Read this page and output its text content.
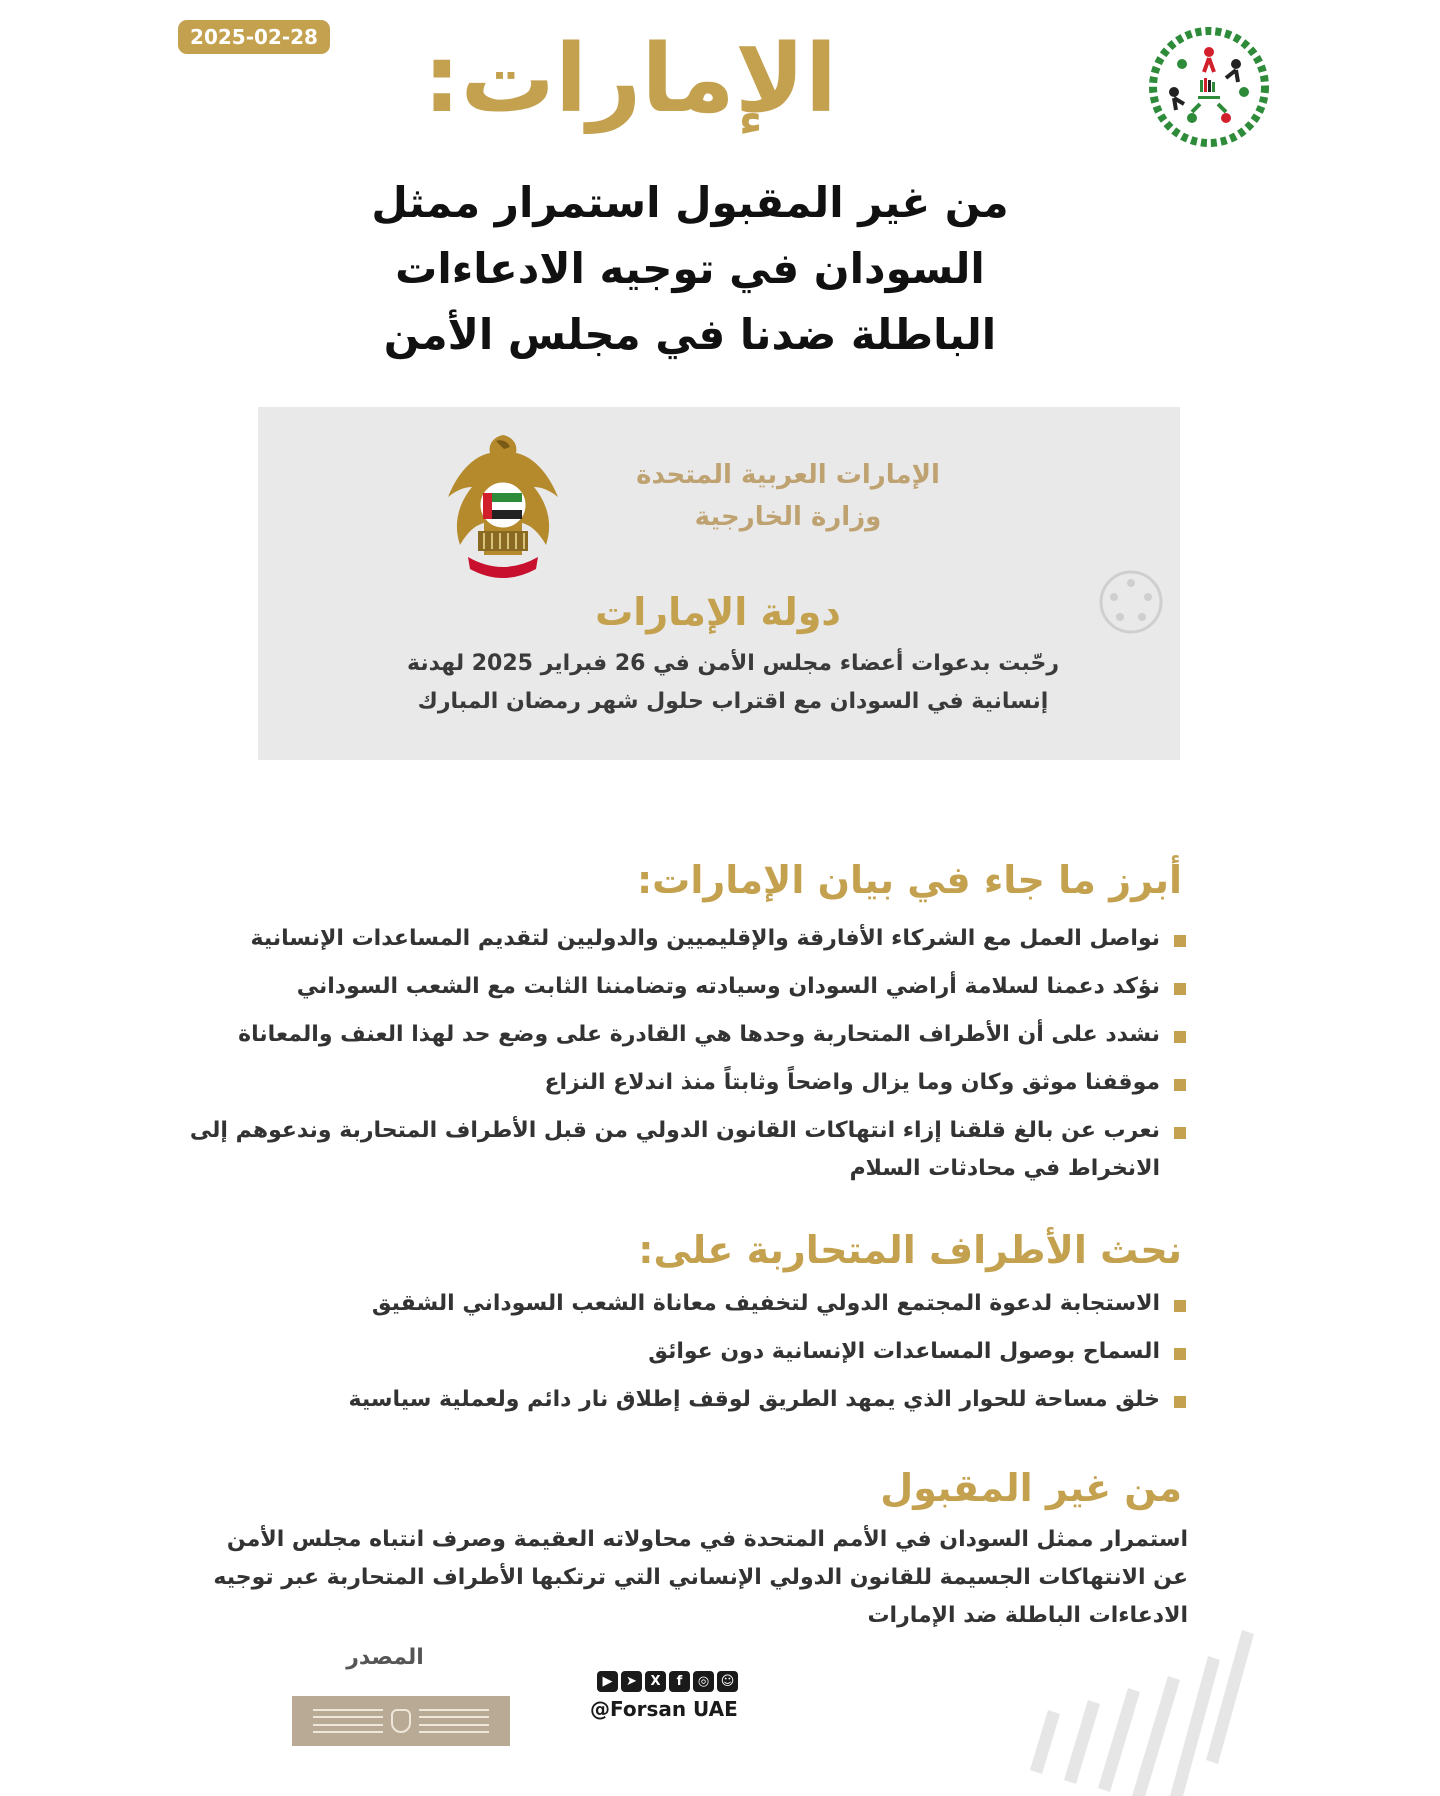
2025-02-28	الإمارات:
من غير المقبول استمرار ممثل
السودان في توجيه الادعاءات
الباطلة ضدنا في مجلس الأمن
الإمارات العربية المتحدة
وزارة الخارجية
دولة الإمارات
رحّبت بدعوات أعضاء مجلس الأمن في 26 فبراير 2025 لهدنة
إنسانية في السودان مع اقتراب حلول شهر رمضان المبارك
أبرز ما جاء في بيان الإمارات:
نواصل العمل مع الشركاء الأفارقة والإقليميين والدوليين لتقديم المساعدات الإنسانية
نؤكد دعمنا لسلامة أراضي السودان وسيادته وتضامننا الثابت مع الشعب السوداني
نشدد على أن الأطراف المتحاربة وحدها هي القادرة على وضع حد لهذا العنف والمعاناة
موقفنا موثق وكان وما يزال واضحاً وثابتاً منذ اندلاع النزاع
نعرب عن بالغ قلقنا إزاء انتهاكات القانون الدولي من قبل الأطراف المتحاربة وندعوهم إلى الانخراط في محادثات السلام
نحث الأطراف المتحاربة على:
الاستجابة لدعوة المجتمع الدولي لتخفيف معاناة الشعب السوداني الشقيق
السماح بوصول المساعدات الإنسانية دون عوائق
خلق مساحة للحوار الذي يمهد الطريق لوقف إطلاق نار دائم ولعملية سياسية
من غير المقبول
استمرار ممثل السودان في الأمم المتحدة في محاولاته العقيمة وصرف انتباه مجلس الأمن عن الانتهاكات الجسيمة للقانون الدولي الإنساني التي ترتكبها الأطراف المتحاربة عبر توجيه الادعاءات الباطلة ضد الإمارات
المصدر
▶	➤	X	f	◎ ☺
@Forsan UAE
